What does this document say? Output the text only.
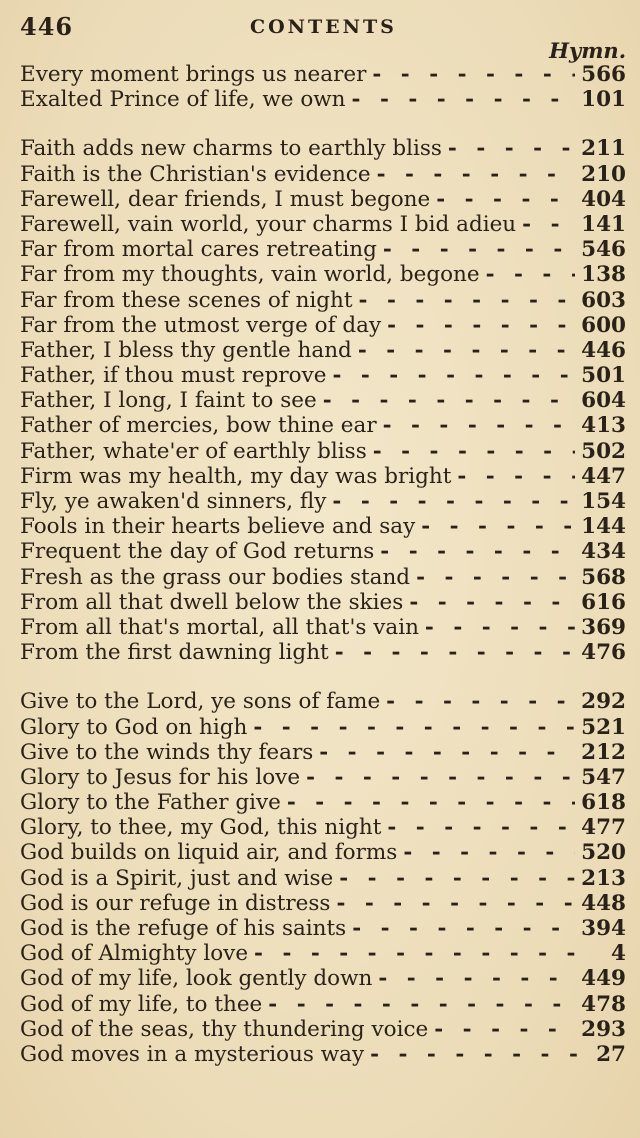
446	CONTENTS
Hymn.
Every moment brings us nearer - - -	566
Exalted Prince of life, we own - - -	101
Faith adds new charms to earthly bliss - - -	211
Faith is the Christian's evidence - - -	210
Farewell, dear friends, I must begone - - -	404
Farewell, vain world, your charms I bid adieu - - -	141
Far from mortal cares retreating - - -	546
Far from my thoughts, vain world, begone - - -	138
Far from these scenes of night - - -	603
Far from the utmost verge of day - - -	600
Father, I bless thy gentle hand - - -	446
Father, if thou must reprove - - -	501
Father, I long, I faint to see - - -	604
Father of mercies, bow thine ear - - -	413
Father, whate'er of earthly bliss - - -	502
Firm was my health, my day was bright - - -	447
Fly, ye awaken'd sinners, fly - - -	154
Fools in their hearts believe and say - - -	144
Frequent the day of God returns - - -	434
Fresh as the grass our bodies stand - - -	568
From all that dwell below the skies - - -	616
From all that's mortal, all that's vain - - -	369
From the first dawning light - - -	476
Give to the Lord, ye sons of fame - - -	292
Glory to God on high - - -	521
Give to the winds thy fears - - -	212
Glory to Jesus for his love - - -	547
Glory to the Father give - - -	618
Glory, to thee, my God, this night - - -	477
God builds on liquid air, and forms - - -	520
God is a Spirit, just and wise - - -	213
God is our refuge in distress - - -	448
God is the refuge of his saints - - -	394
God of Almighty love - - -	4
God of my life, look gently down - - -	449
God of my life, to thee - - -	478
God of the seas, thy thundering voice - - -	293
God moves in a mysterious way - - -	27
